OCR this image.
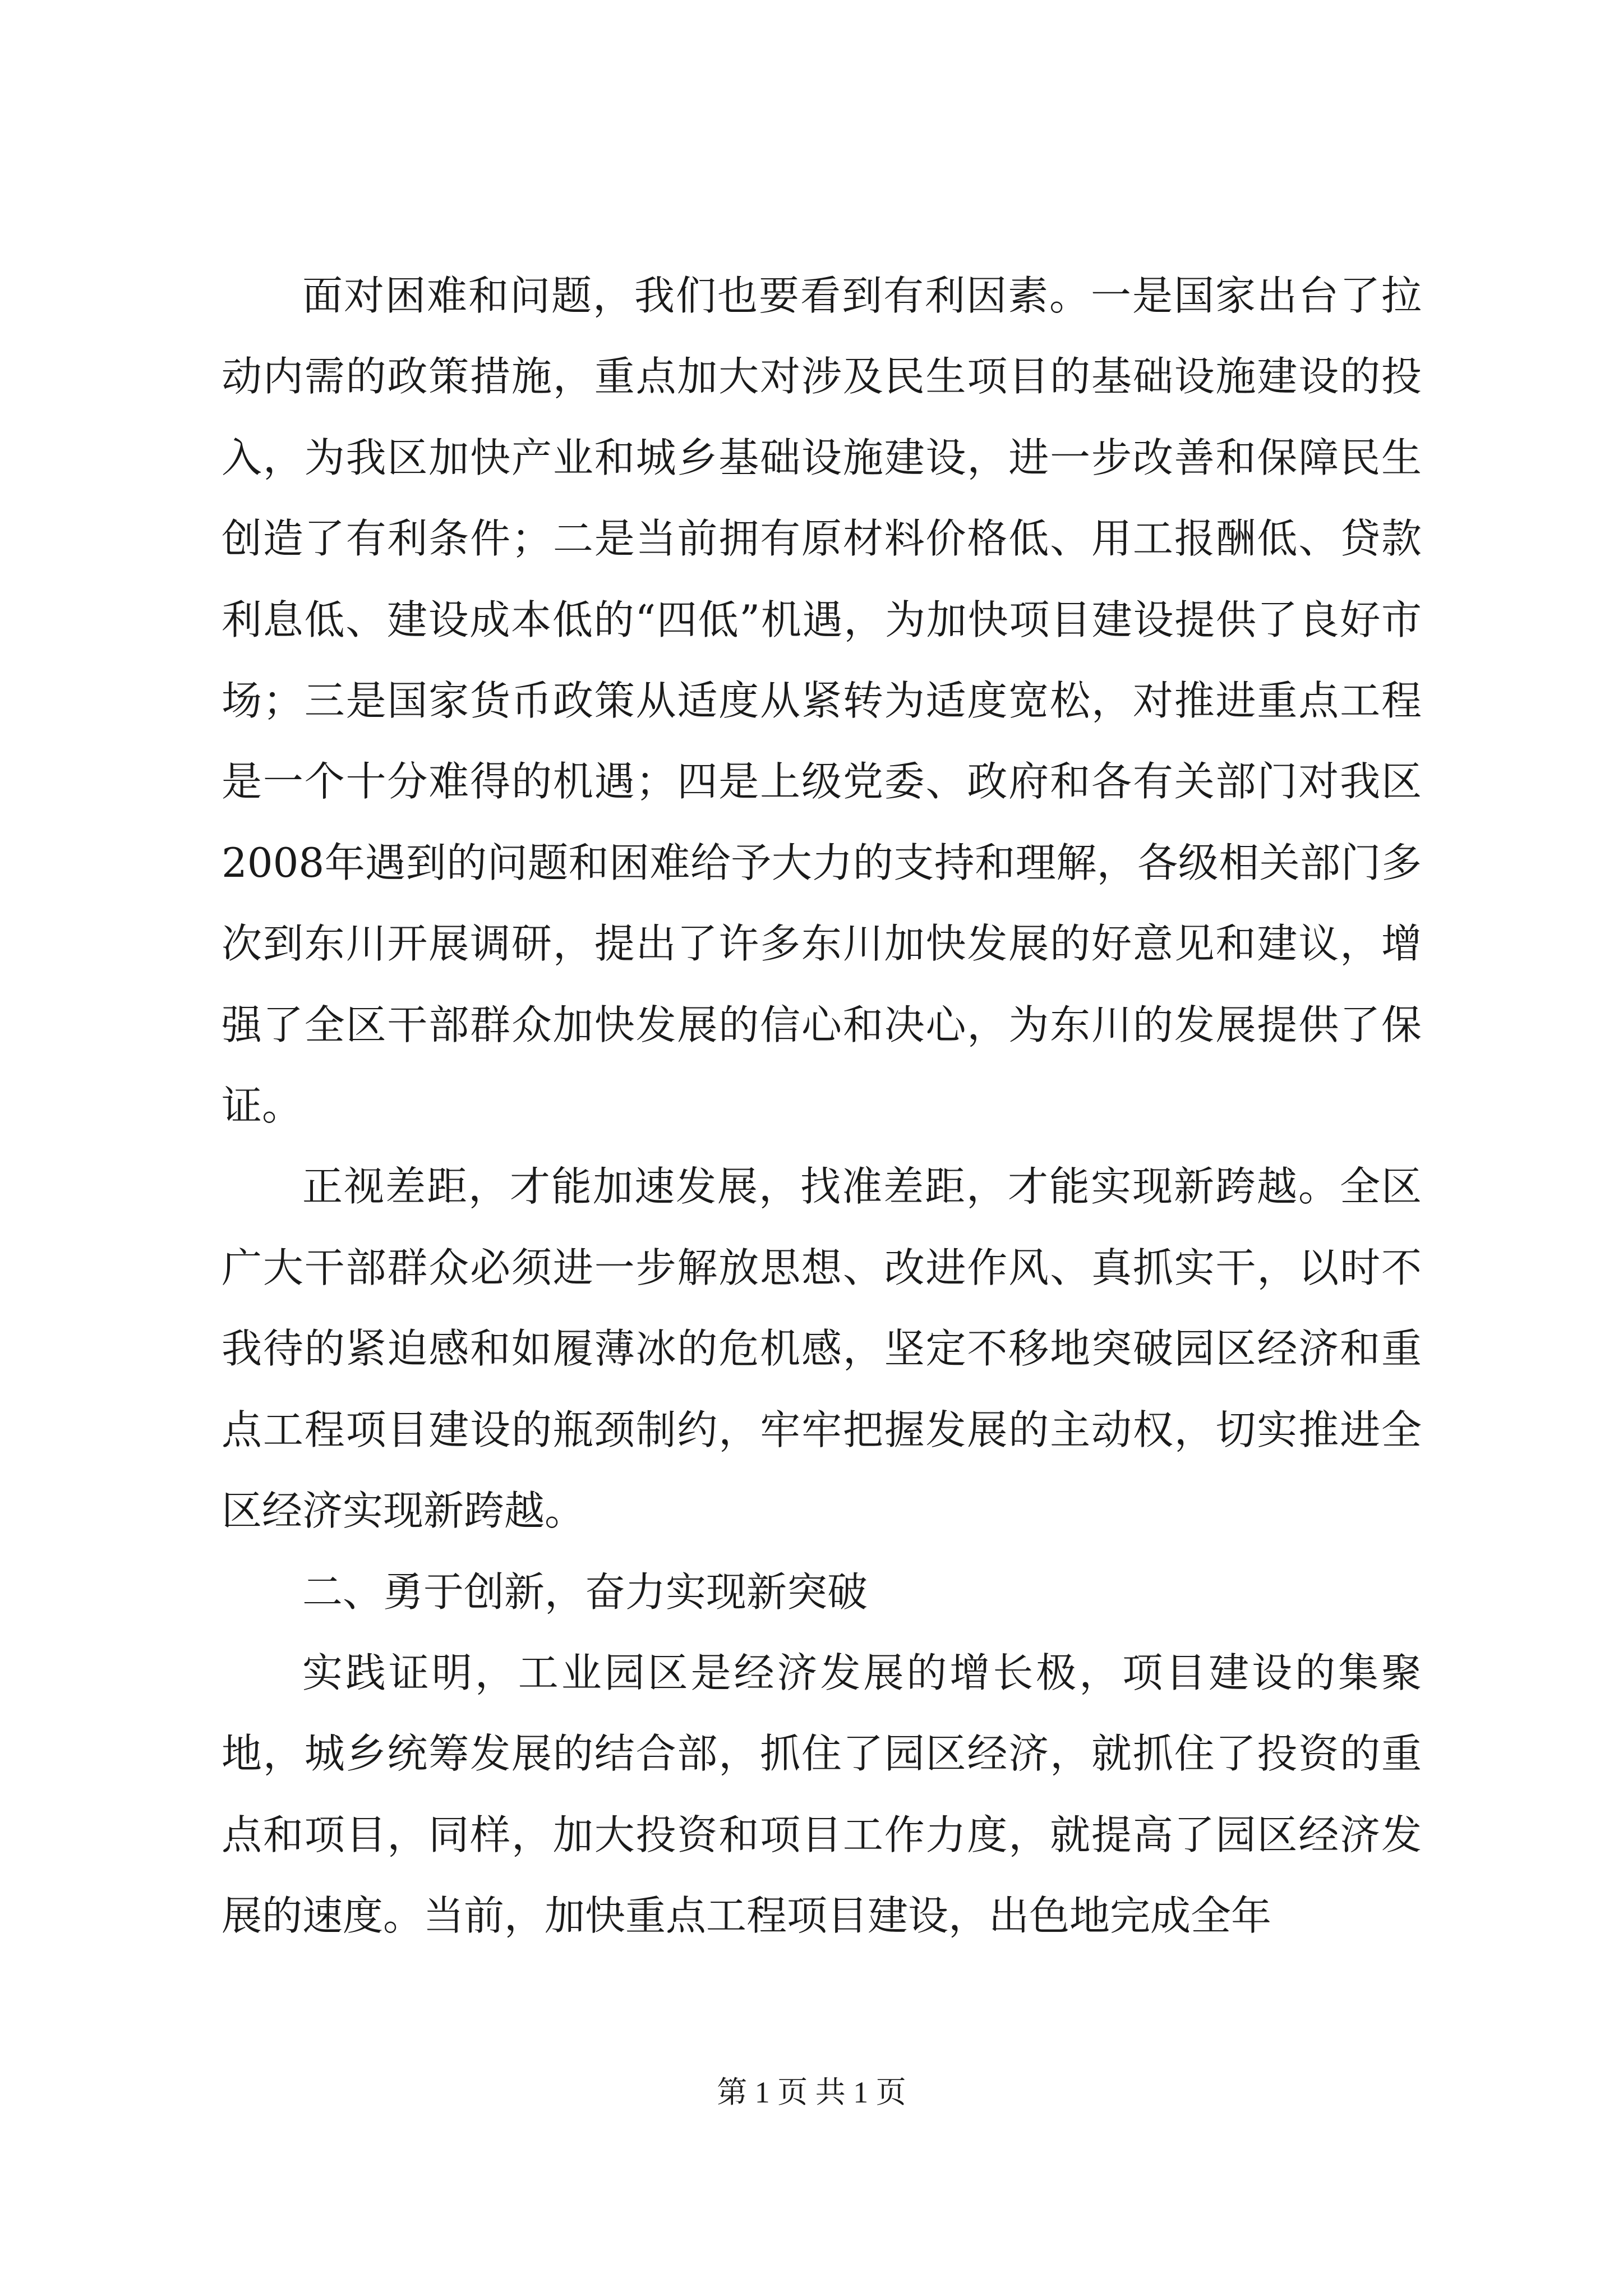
面对困难和问题，我们也要看到有利因素。一是国家出台了拉动内需的政策措施，重点加大对涉及民生项目的基础设施建设的投入，为我区加快产业和城乡基础设施建设，进一步改善和保障民生创造了有利条件；二是当前拥有原材料价格低、用工报酬低、贷款利息低、建设成本低的“四低”机遇，为加快项目建设提供了良好市场；三是国家货币政策从适度从紧转为适度宽松，对推进重点工程是一个十分难得的机遇；四是上级党委、政府和各有关部门对我区2008年遇到的问题和困难给予大力的支持和理解，各级相关部门多次到东川开展调研，提出了许多东川加快发展的好意见和建议，增强了全区干部群众加快发展的信心和决心，为东川的发展提供了保证。

正视差距，才能加速发展，找准差距，才能实现新跨越。全区广大干部群众必须进一步解放思想、改进作风、真抓实干，以时不我待的紧迫感和如履薄冰的危机感，坚定不移地突破园区经济和重点工程项目建设的瓶颈制约，牢牢把握发展的主动权，切实推进全区经济实现新跨越。

二、勇于创新，奋力实现新突破

实践证明，工业园区是经济发展的增长极，项目建设的集聚地，城乡统筹发展的结合部，抓住了园区经济，就抓住了投资的重点和项目，同样，加大投资和项目工作力度，就提高了园区经济发展的速度。当前，加快重点工程项目建设，出色地完成全年

第 1 页 共 1 页
